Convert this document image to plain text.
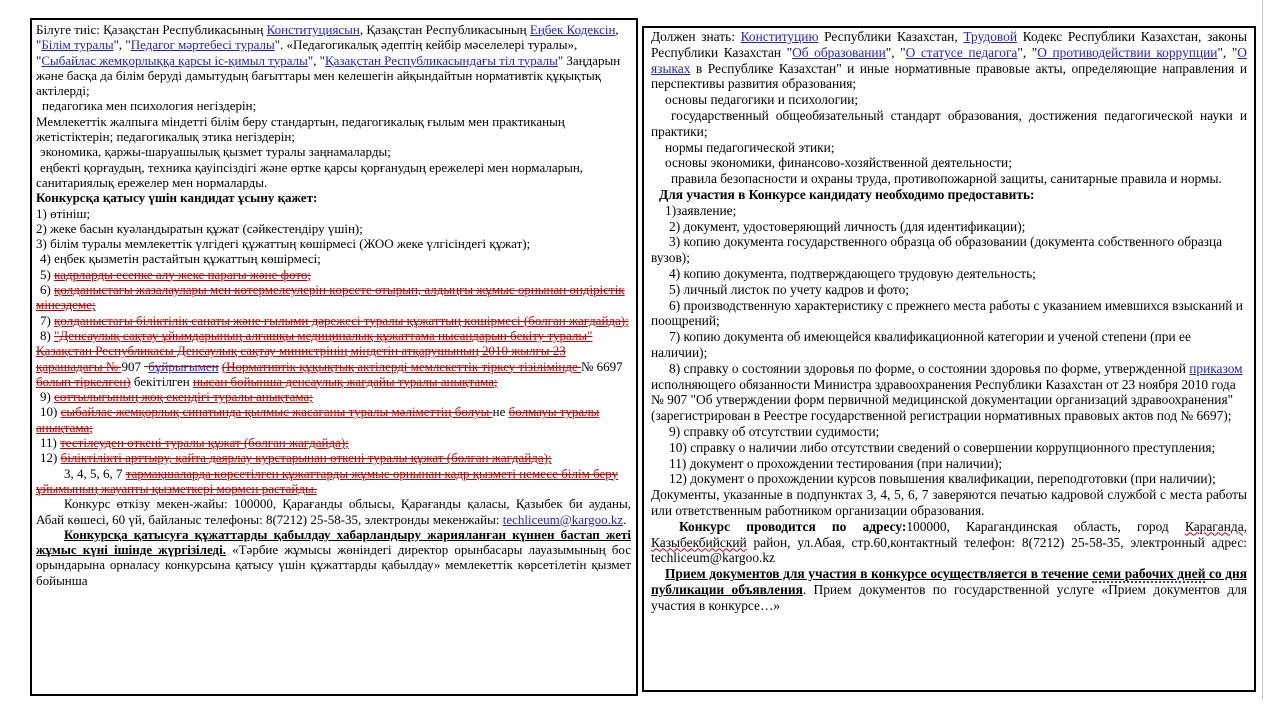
Білуге тиіс: Қазақстан Республикасының Конституциясын, Қазақстан Республикасының Еңбек Кодексін, "Білім туралы", "Педагог мәртебесі туралы". «Педагогикалық әдептің кейбір мәселелері туралы», "Сыбайлас жемқорлыққа қарсы іс-қимыл туралы", "Қазақстан Республикасындағы тіл туралы" Заңдарын және басқа да білім беруді дамытудың бағыттары мен келешегін айқындайтын нормативтік құқықтық актілерді;
педагогика мен психология негіздерін;
Мемлекеттік жалпыға міндетті білім беру стандартын, педагогикалық ғылым мен практиканың жетістіктерін; педагогикалық этика негіздерін;
экономика, қаржы-шаруашылық қызмет туралы заңнамаларды;
еңбекті қорғаудың, техника қауіпсіздігі және өртке қарсы қорғанудың ережелері мен нормаларын, санитариялық ережелер мен нормаларды.
Конкурсқа қатысу үшін кандидат ұсыну қажет:
1) өтініш;
2) жеке басын куәландыратын құжат (сәйкестендіру үшін);
3) білім туралы мемлекеттік үлгідегі құжаттың көшірмесі (ЖОО жеке үлгісіндегі құжат);
4) еңбек қызметін растайтын құжаттың көшірмесі;
5) кадрларды есепке алу жеке парағы және фото;
6) қолданыстағы жазалаулары мен көтермелеулерін көрсете отырып, алдыңғы жұмыс орнынан өндірістік мінездеме;
7) қолданыстағы біліктілік санаты және ғылыми дәрежесі туралы құжаттың көшірмесі (болған жағдайда);
8) "Денсаулық сақтау ұйымдарының алғашқы медициналық құжаттама нысандарын бекіту туралы" Қазақстан Республикасы Денсаулық сақтау министрінің міндетін атқарушының 2010 жылғы 23 қарашадағы № 907 бұйрығымен (Нормативтік құқықтық актілерді мемлекеттік тіркеу тізілімінде № 6697 болып тіркелген) бекітілген нысан бойынша денсаулық жағдайы туралы анықтама;
9) соттылығының жоқ екендігі туралы анықтама;
10) сыбайлас жемқорлық сипатында қылмыс жасағаны туралы мәліметтің болуы не болмауы туралы анықтама;
11) тестілеуден өткені туралы құжат (болған жағдайда);
12) біліктілікті арттыру, қайта даярлау курстарынан өткені туралы құжат (болған жағдайда);
3, 4, 5, 6, 7 тармақшаларда көрсетілген құжаттарды жұмыс орнынан кадр қызметі немесе білім беру ұйымының жауапты қызметкері мөрмен растайды.
Конкурс өткізу мекен-жайы: 100000, Қарағанды облысы, Қарағанды қаласы, Қазыбек би ауданы, Абай көшесі, 60 үй, байланыс телефоны: 8(7212) 25-58-35, электронды мекенжайы: techliceum@kargoo.kz.
Конкурсқа қатысуға құжаттарды қабылдау хабарландыру жарияланған күннен бастап жеті жұмыс күні ішінде жүргізіледі. «Тәрбие жұмысы жөніндегі директор орынбасары лауазымының бос орындарына орналасу конкурсына қатысу үшін құжаттарды қабылдау» мемлекеттік көрсетілетін қызмет бойынша
Должен знать: Конституцию Республики Казахстан, Трудовой Кодекс Республики Казахстан, законы Республики Казахстан "Об образовании", "О статусе педагога", "О противодействии коррупции", "О языках в Республике Казахстан" и иные нормативные правовые акты, определяющие направления и перспективы развития образования;
основы педагогики и психологии;
государственный общеобязательный стандарт образования, достижения педагогической науки и практики;
нормы педагогической этики;
основы экономики, финансово-хозяйственной деятельности;
правила безопасности и охраны труда, противопожарной защиты, санитарные правила и нормы.
Для участия в Конкурсе кандидату необходимо предоставить:
1)заявление;
2) документ, удостоверяющий личность (для идентификации);
3) копию документа государственного образца об образовании (документа собственного образца вузов);
4) копию документа, подтверждающего трудовую деятельность;
5) личный листок по учету кадров и фото;
6) производственную характеристику с прежнего места работы с указанием имевшихся взысканий и поощрений;
7) копию документа об имеющейся квалификационной категории и ученой степени (при ее наличии);
8) справку о состоянии здоровья по форме, о состоянии здоровья по форме, утвержденной приказом исполняющего обязанности Министра здравоохранения Республики Казахстан от 23 ноября 2010 года № 907 "Об утверждении форм первичной медицинской документации организаций здравоохранения" (зарегистрирован в Реестре государственной регистрации нормативных правовых актов под № 6697);
9) справку об отсутствии судимости;
10) справку о наличии либо отсутствии сведений о совершении коррупционного преступления;
11) документ о прохождении тестирования (при наличии);
12) документ о прохождении курсов повышения квалификации, переподготовки (при наличии);
Документы, указанные в подпунктах 3, 4, 5, 6, 7 заверяются печатью кадровой службой с места работы или ответственным работником организации образования.
Конкурс проводится по адресу:100000, Карагандинская область, город Караганда, Казыбекбийский район, ул.Абая, стр.60,контактный телефон: 8(7212) 25-58-35, электронный адрес: techliceum@kargoo.kz
Прием документов для участия в конкурсе осуществляется в течение семи рабочих дней со дня публикации объявления. Прием документов по государственной услуге «Прием документов для участия в конкурсе…»
